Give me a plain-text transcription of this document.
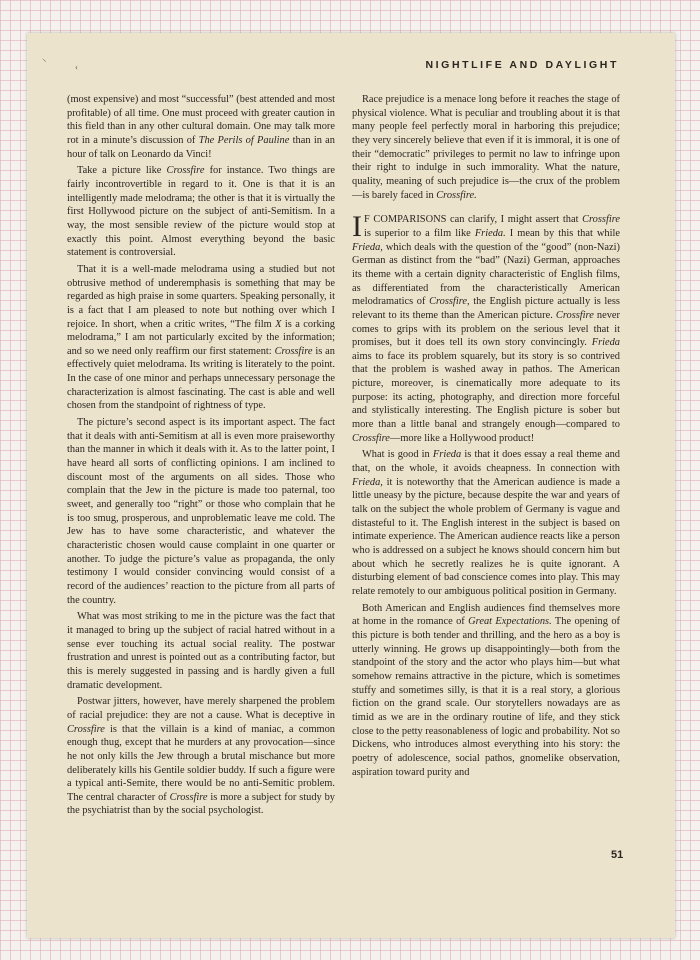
⸌	‹	NIGHTLIFE AND DAYLIGHT

(most expensive) and most “successful” (best attended and most profitable) of all time. One must proceed with greater caution in this field than in any other cultural domain. One may talk more rot in a minute’s discussion of The Perils of Pauline than in an hour of talk on Leonardo da Vinci!

Take a picture like Crossfire for instance. Two things are fairly incontrovertible in regard to it. One is that it is an intelligently made melodrama; the other is that it is virtually the first Hollywood picture on the subject of anti-Semitism. In a way, the most sensible review of the picture would stop at exactly this point. Almost everything beyond the basic statement is controversial.

That it is a well-made melodrama using a studied but not obtrusive method of underemphasis is something that may be regarded as high praise in some quarters. Speaking personally, it is a fact that I am pleased to note but nothing over which I rejoice. In short, when a critic writes, “The film X is a corking melodrama,” I am not particularly excited by the information; and so we need only reaffirm our first statement: Crossfire is an effectively quiet melodrama. Its writing is literately to the point. In the case of one minor and perhaps unnecessary personage the characterization is almost fascinating. The cast is able and well chosen from the standpoint of rightness of type.

The picture’s second aspect is its important aspect. The fact that it deals with anti-Semitism at all is even more praiseworthy than the manner in which it deals with it. As to the latter point, I have heard all sorts of conflicting opinions. I am inclined to discount most of the arguments on all sides. Those who complain that the Jew in the picture is made too paternal, too sweet, and generally too “right” or those who complain that he is too smug, prosperous, and unproblematic leave me cold. The Jew has to have some characteristic, and whatever the characteristic chosen would cause complaint in one quarter or another. To judge the picture’s value as propaganda, the only testimony I would consider convincing would consist of a record of the audiences’ reaction to the picture from all parts of the country.

What was most striking to me in the picture was the fact that it managed to bring up the subject of racial hatred without in a sense ever touching its actual social reality. The postwar frustration and unrest is pointed out as a contributing factor, but this is merely suggested in passing and is hardly given a full dramatic development.

Postwar jitters, however, have merely sharpened the problem of racial prejudice: they are not a cause. What is deceptive in Crossfire is that the villain is a kind of maniac, a common enough thug, except that he murders at any provocation—since he not only kills the Jew through a brutal mischance but more deliberately kills his Gentile soldier buddy. If such a figure were a typical anti-Semite, there would be no anti-Semitic problem. The central character of Crossfire is more a subject for study by the psychiatrist than by the social psychologist.

Race prejudice is a menace long before it reaches the stage of physical violence. What is peculiar and troubling about it is that many people feel perfectly moral in harboring this prejudice; they very sincerely believe that even if it is immoral, it is one of their “democratic” privileges to permit no law to infringe upon their right to indulge in such immorality. What the nature, quality, meaning of such prejudice is—the crux of the problem—is barely faced in Crossfire.

I F COMPARISONS can clarify, I might assert that Crossfire is superior to a film like Frieda. I mean by this that while Frieda, which deals with the question of the “good” (non-Nazi) German as distinct from the “bad” (Nazi) German, approaches its theme with a certain dignity characteristic of English films, as differentiated from the characteristically American melodramatics of Crossfire, the English picture actually is less relevant to its theme than the American picture. Crossfire never comes to grips with its problem on the serious level that it promises, but it does tell its own story convincingly. Frieda aims to face its problem squarely, but its story is so contrived that the problem is washed away in pathos. The American picture, moreover, is cinematically more adequate to its purpose: its acting, photography, and direction more forceful and stylistically interesting. The English picture is sober but more than a little banal and strangely enough—compared to Crossfire—more like a Hollywood product!

What is good in Frieda is that it does essay a real theme and that, on the whole, it avoids cheapness. In connection with Frieda, it is noteworthy that the American audience is made a little uneasy by the picture, because despite the war and years of talk on the subject the whole problem of Germany is vague and distasteful to it. The English interest in the subject is based on intimate experience. The American audience reacts like a person who is addressed on a subject he knows should concern him but about which he secretly realizes he is quite ignorant. A disturbing element of bad conscience comes into play. This may relate remotely to our ambiguous political position in Germany.

Both American and English audiences find themselves more at home in the romance of Great Expectations. The opening of this picture is both tender and thrilling, and the hero as a boy is utterly winning. He grows up disappointingly—both from the standpoint of the story and the actor who plays him—but what somehow remains attractive in the picture, which is sometimes stuffy and sometimes silly, is that it is a real story, a glorious fiction on the grand scale. Our storytellers nowadays are as timid as we are in the ordinary routine of life, and they stick close to the petty reasonableness of logic and probability. Not so Dickens, who introduces almost everything into his story: the poetry of adolescence, social pathos, gnomelike observation, aspiration toward purity and

51
